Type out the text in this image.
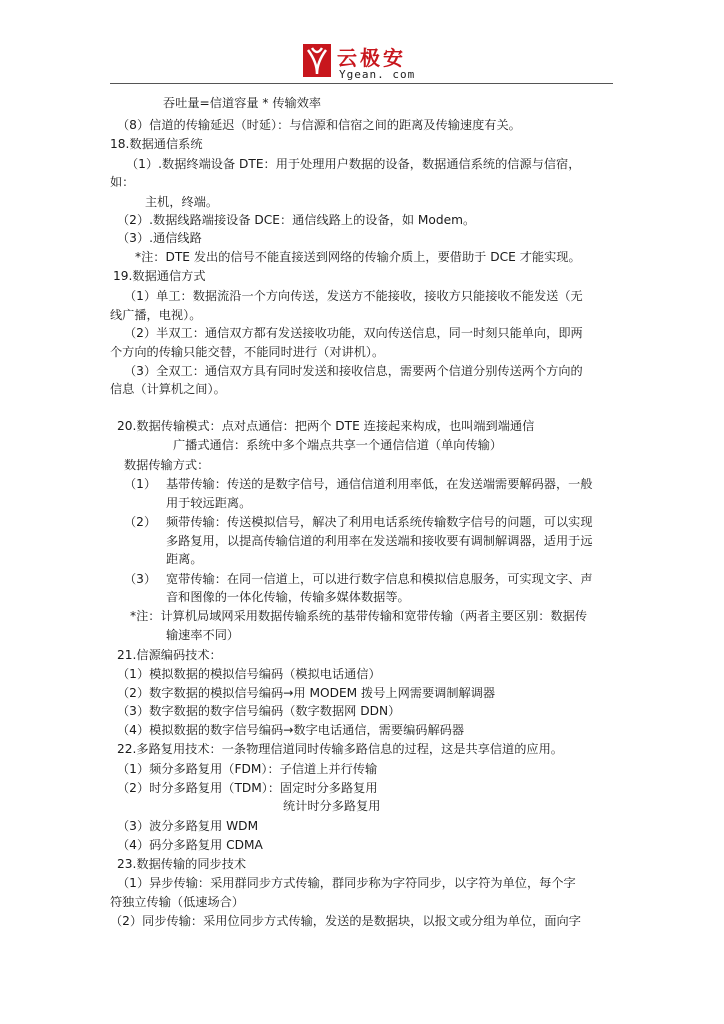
云极安
Ygean. com
吞吐量=信道容量 * 传输效率
（8）信道的传输延迟（时延）：与信源和信宿之间的距离及传输速度有关。
18.数据通信系统
（1）.数据终端设备 DTE：用于处理用户数据的设备，数据通信系统的信源与信宿，
如：
主机，终端。
（2）.数据线路端接设备 DCE：通信线路上的设备，如 Modem。
（3）.通信线路
*注：DTE 发出的信号不能直接送到网络的传输介质上，要借助于 DCE 才能实现。
19.数据通信方式
（1）单工：数据流沿一个方向传送，发送方不能接收，接收方只能接收不能发送（无
线广播，电视）。
（2）半双工：通信双方都有发送接收功能，双向传送信息，同一时刻只能单向，即两
个方向的传输只能交替，不能同时进行（对讲机）。
（3）全双工：通信双方具有同时发送和接收信息，需要两个信道分别传送两个方向的
信息（计算机之间）。
20.数据传输模式：点对点通信：把两个 DTE 连接起来构成，也叫端到端通信
广播式通信：系统中多个端点共享一个通信信道（单向传输）
数据传输方式：
（1） 基带传输：传送的是数字信号，通信信道利用率低，在发送端需要解码器，一般
用于较远距离。
（2） 频带传输：传送模拟信号，解决了利用电话系统传输数字信号的问题，可以实现
多路复用，以提高传输信道的利用率在发送端和接收要有调制解调器，适用于远
距离。
（3） 宽带传输：在同一信道上，可以进行数字信息和模拟信息服务，可实现文字、声
音和图像的一体化传输，传输多媒体数据等。
*注：计算机局域网采用数据传输系统的基带传输和宽带传输（两者主要区别：数据传
输速率不同）
21.信源编码技术：
（1）模拟数据的模拟信号编码（模拟电话通信）
（2）数字数据的模拟信号编码→用 MODEM 拨号上网需要调制解调器
（3）数字数据的数字信号编码（数字数据网 DDN）
（4）模拟数据的数字信号编码→数字电话通信，需要编码解码器
22.多路复用技术：一条物理信道同时传输多路信息的过程，这是共享信道的应用。
（1）频分多路复用（FDM）：子信道上并行传输
（2）时分多路复用（TDM）：固定时分多路复用
统计时分多路复用
（3）波分多路复用 WDM
（4）码分多路复用 CDMA
23.数据传输的同步技术
（1）异步传输：采用群同步方式传输，群同步称为字符同步，以字符为单位，每个字
符独立传输（低速场合）
（2）同步传输：采用位同步方式传输，发送的是数据块，以报文或分组为单位，面向字
